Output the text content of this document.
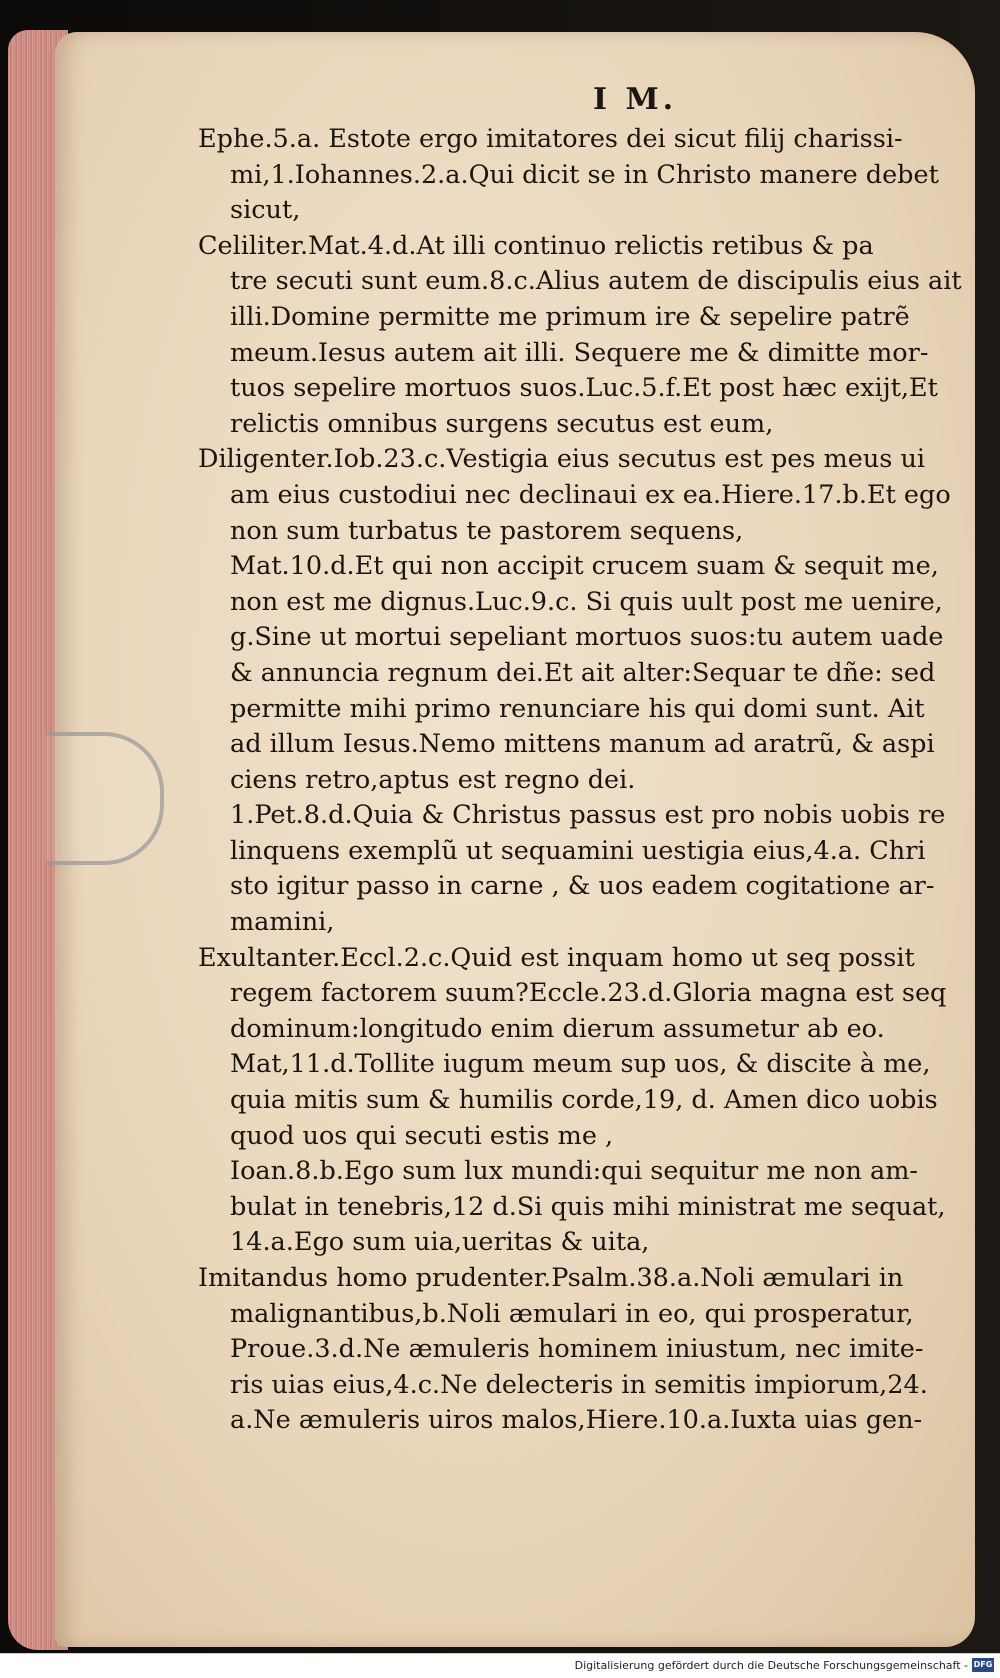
I M.
Ephe.5.a. Estote ergo imitatores dei sicut filij charissi-
mi,1.Iohannes.2.a.Qui dicit se in Christo manere debet
sicut,
Celiliter.Mat.4.d.At illi continuo relictis retibus & pa
tre secuti sunt eum.8.c.Alius autem de discipulis eius ait
illi.Domine permitte me primum ire & sepelire patrẽ
meum.Iesus autem ait illi. Sequere me & dimitte mor-
tuos sepelire mortuos suos.Luc.5.f.Et post hæc exijt,Et
relictis omnibus surgens secutus est eum,
Diligenter.Iob.23.c.Vestigia eius secutus est pes meus ui
am eius custodiui nec declinaui ex ea.Hiere.17.b.Et ego
non sum turbatus te pastorem sequens,
Mat.10.d.Et qui non accipit crucem suam & sequit me,
non est me dignus.Luc.9.c. Si quis uult post me uenire,
g.Sine ut mortui sepeliant mortuos suos:tu autem uade
& annuncia regnum dei.Et ait alter:Sequar te dñe: sed
permitte mihi primo renunciare his qui domi sunt. Ait
ad illum Iesus.Nemo mittens manum ad aratrũ, & aspi
ciens retro,aptus est regno dei.
1.Pet.8.d.Quia & Christus passus est pro nobis uobis re
linquens exemplũ ut sequamini uestigia eius,4.a. Chri
sto igitur passo in carne , & uos eadem cogitatione ar-
mamini,
Exultanter.Eccl.2.c.Quid est inquam homo ut seq possit
regem factorem suum?Eccle.23.d.Gloria magna est seq
dominum:longitudo enim dierum assumetur ab eo.
Mat,11.d.Tollite iugum meum sup uos, & discite à me,
quia mitis sum & humilis corde,19, d. Amen dico uobis
quod uos qui secuti estis me ,
Ioan.8.b.Ego sum lux mundi:qui sequitur me non am-
bulat in tenebris,12 d.Si quis mihi ministrat me sequat,
14.a.Ego sum uia,ueritas & uita,
Imitandus homo prudenter.Psalm.38.a.Noli æmulari in
malignantibus,b.Noli æmulari in eo, qui prosperatur,
Proue.3.d.Ne æmuleris hominem iniustum, nec imite-
ris uias eius,4.c.Ne delecteris in semitis impiorum,24.
a.Ne æmuleris uiros malos,Hiere.10.a.Iuxta uias gen-
Digitalisierung gefördert durch die Deutsche Forschungsgemeinschaft - DFG
